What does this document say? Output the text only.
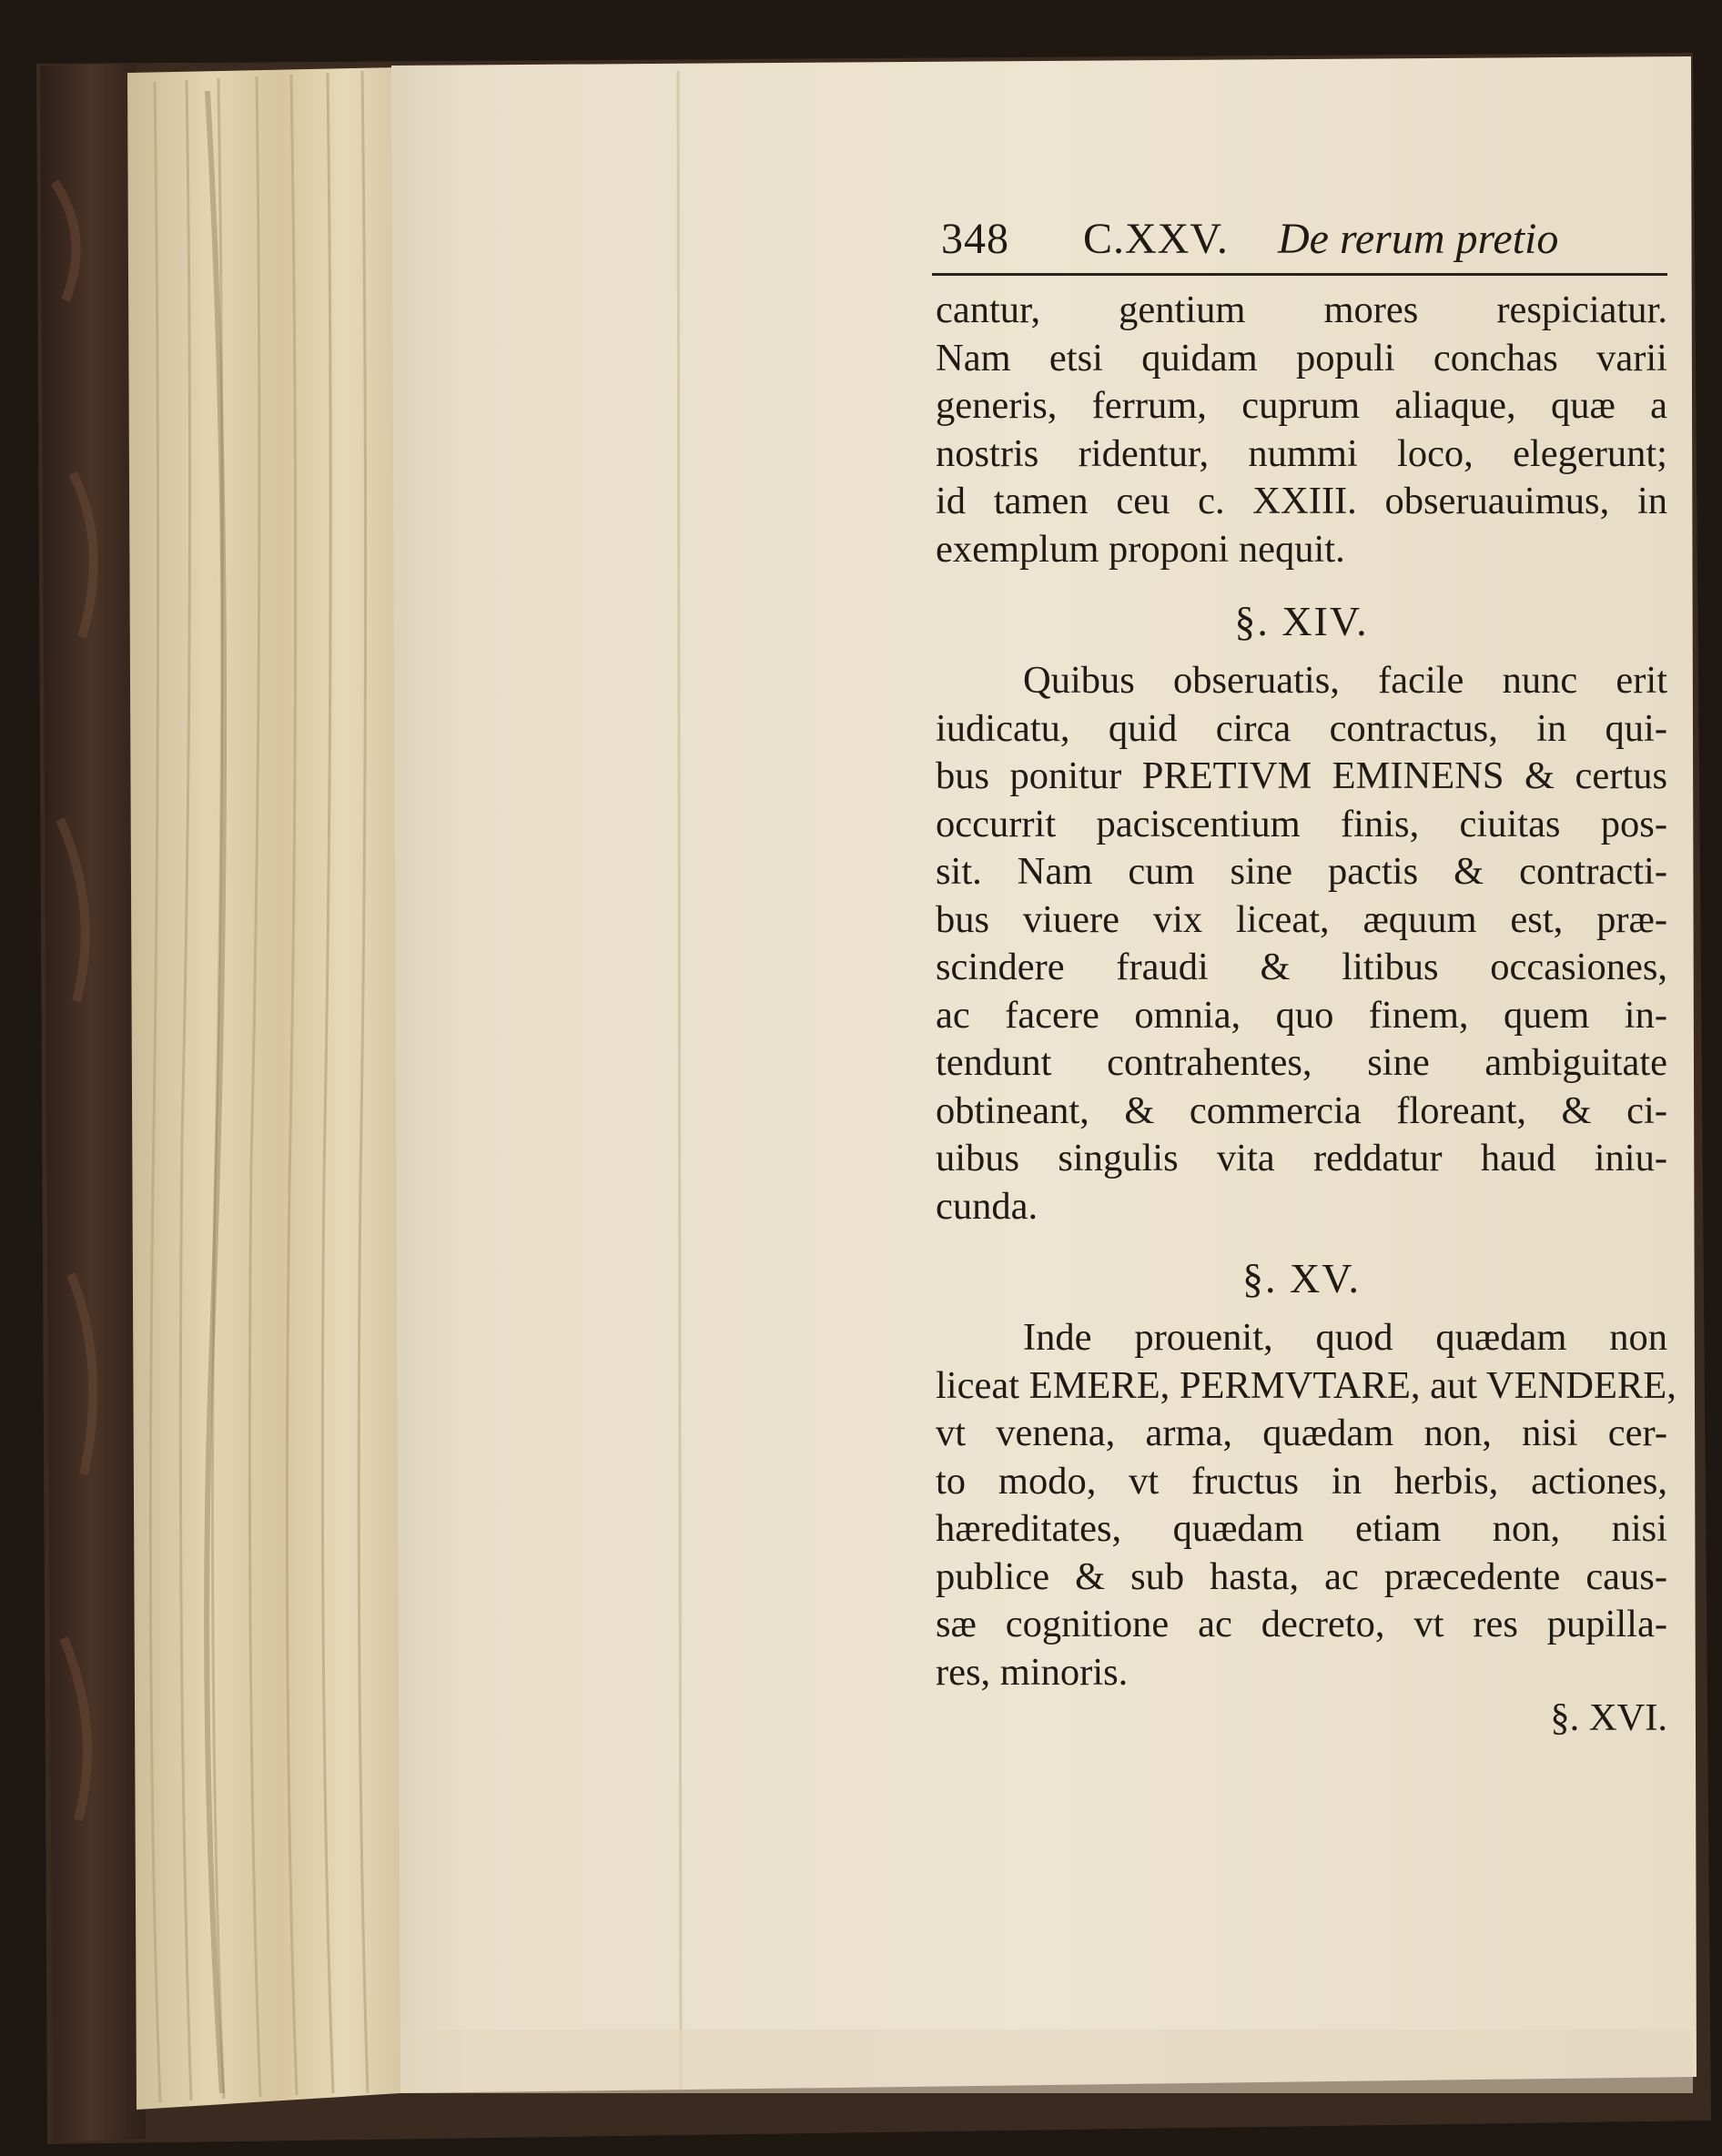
348 C.XXV. De rerum pretio
cantur, gentium mores respiciatur.
Nam etsi quidam populi conchas varii
generis, ferrum, cuprum aliaque, quæ a
nostris ridentur, nummi loco, elegerunt;
id tamen ceu c. XXIII. obseruauimus, in
exemplum proponi nequit.
§. XIV.
Quibus obseruatis, facile nunc erit
iudicatu, quid circa contractus, in qui-
bus ponitur PRETIVM EMINENS & certus
occurrit paciscentium finis, ciuitas pos-
sit. Nam cum sine pactis & contracti-
bus viuere vix liceat, æquum est, præ-
scindere fraudi & litibus occasiones,
ac facere omnia, quo finem, quem in-
tendunt contrahentes, sine ambiguitate
obtineant, & commercia floreant, & ci-
uibus singulis vita reddatur haud iniu-
cunda.
§. XV.
Inde prouenit, quod quædam non
liceat EMERE, PERMVTARE, aut VENDERE,
vt venena, arma, quædam non, nisi cer-
to modo, vt fructus in herbis, actiones,
hæreditates, quædam etiam non, nisi
publice & sub hasta, ac præcedente caus-
sæ cognitione ac decreto, vt res pupilla-
res, minoris.
§. XVI.
